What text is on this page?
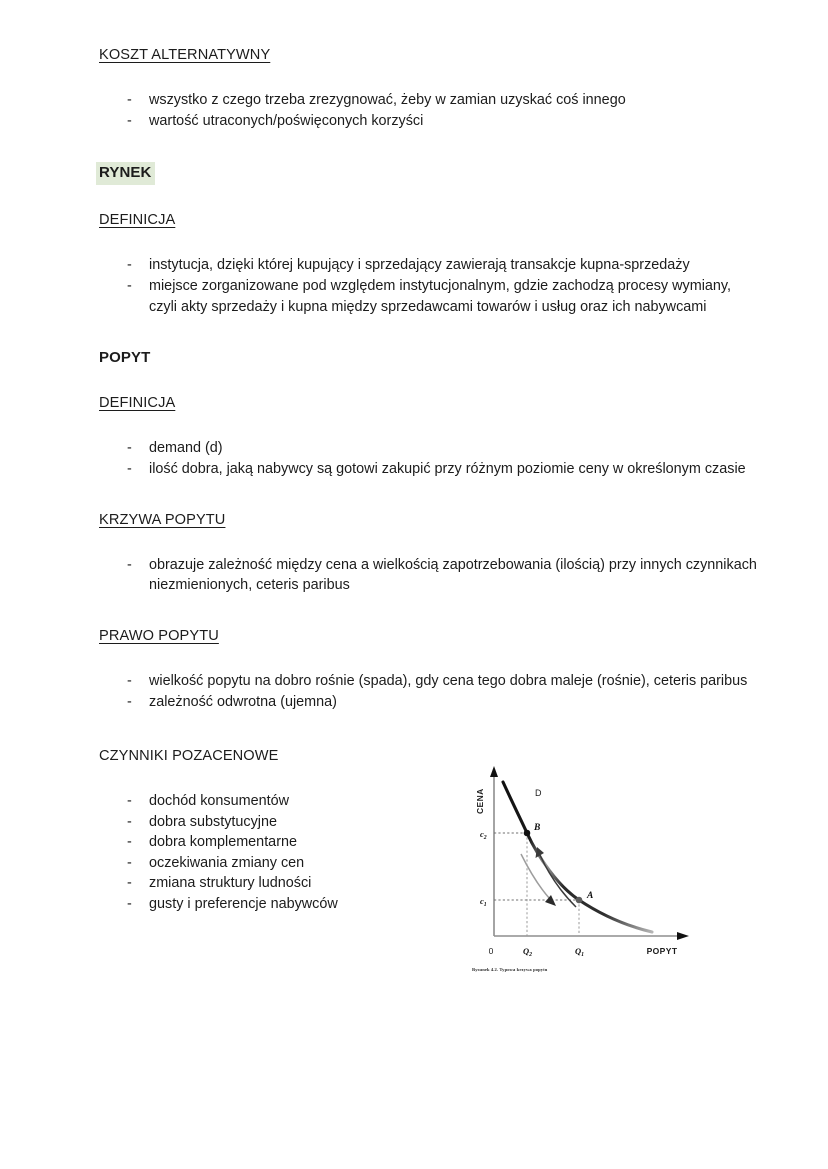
KOSZT ALTERNATYWNY
- wszystko z czego trzeba zrezygnować, żeby w zamian uzyskać coś innego
- wartość utraconych/poświęconych korzyści
RYNEK
DEFINICJA
- instytucja, dzięki której kupujący i sprzedający zawierają transakcje kupna-sprzedaży
- miejsce zorganizowane pod względem instytucjonalnym, gdzie zachodzą procesy wymiany, czyli akty sprzedaży i kupna między sprzedawcami towarów i usług oraz ich nabywcami
POPYT
DEFINICJA
- demand (d)
- ilość dobra, jaką nabywcy są gotowi zakupić przy różnym poziomie ceny w określonym czasie
KRZYWA POPYTU
- obrazuje zależność między cena a wielkością zapotrzebowania (ilością) przy innych czynnikach niezmienionych, ceteris paribus
PRAWO POPYTU
- wielkość popytu na dobro rośnie (spada), gdy cena tego dobra maleje (rośnie), ceteris paribus
- zależność odwrotna (ujemna)
CZYNNIKI POZACENOWE
- dochód konsumentów
- dobra substytucyjne
- dobra komplementarne
- oczekiwania zmiany cen
- zmiana struktury ludności
- gusty i preferencje nabywców
CENA
POPYT
0
D
B
A
$c_2$
$c_1$
$Q_2$	$Q_1$
Rysunek 4.2. Typowa krzywa popytu
